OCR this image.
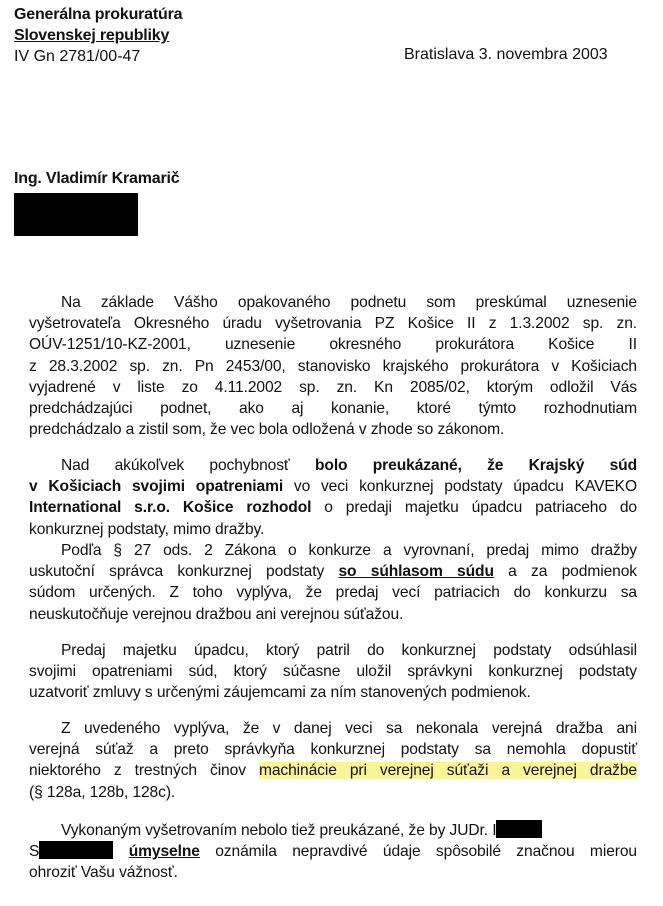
Generálna prokuratúra
Slovenskej republiky
IV Gn 2781/00-47	Bratislava 3. novembra 2003
Ing. Vladimír Kramarič
Na základe Vášho opakovaného podnetu som preskúmal uznesenie
vyšetrovateľa Okresného úradu vyšetrovania PZ Košice II z 1.3.2002 sp. zn.
OÚV-1251/10-KZ-2001, uznesenie okresného prokurátora Košice II
z 28.3.2002 sp. zn. Pn 2453/00, stanovisko krajského prokurátora v Košiciach
vyjadrené v liste zo 4.11.2002 sp. zn. Kn 2085/02, ktorým odložil Vás
predchádzajúci podnet, ako aj konanie, ktoré týmto rozhodnutiam
predchádzalo a zistil som, že vec bola odložená v zhode so zákonom.
Nad akúkoľvek pochybnosť bolo preukázané, že Krajský súd
v Košiciach svojimi opatreniami vo veci konkurznej podstaty úpadcu KAVEKO
International s.r.o. Košice rozhodol o predaji majetku úpadcu patriaceho do
konkurznej podstaty, mimo dražby.
Podľa § 27 ods. 2 Zákona o konkurze a vyrovnaní, predaj mimo dražby
uskutoční správca konkurznej podstaty so súhlasom súdu a za podmienok
súdom určených. Z toho vyplýva, že predaj vecí patriacich do konkurzu sa
neuskutočňuje verejnou dražbou ani verejnou súťažou.
Predaj majetku úpadcu, ktorý patril do konkurznej podstaty odsúhlasil
svojimi opatreniami súd, ktorý súčasne uložil správkyni konkurznej podstaty
uzatvoriť zmluvy s určenými záujemcami za ním stanovených podmienok.
Z uvedeného vyplýva, že v danej veci sa nekonala verejná dražba ani
verejná súťaž a preto správkyňa konkurznej podstaty sa nemohla dopustiť
niektorého z trestných činov machinácie pri verejnej súťaži a verejnej dražbe
(§ 128a, 128b, 128c).
Vykonaným vyšetrovaním nebolo tiež preukázané, že by JUDr. I
S	úmyselne oznámila nepravdivé údaje spôsobilé značnou mierou
ohroziť Vašu vážnosť.
